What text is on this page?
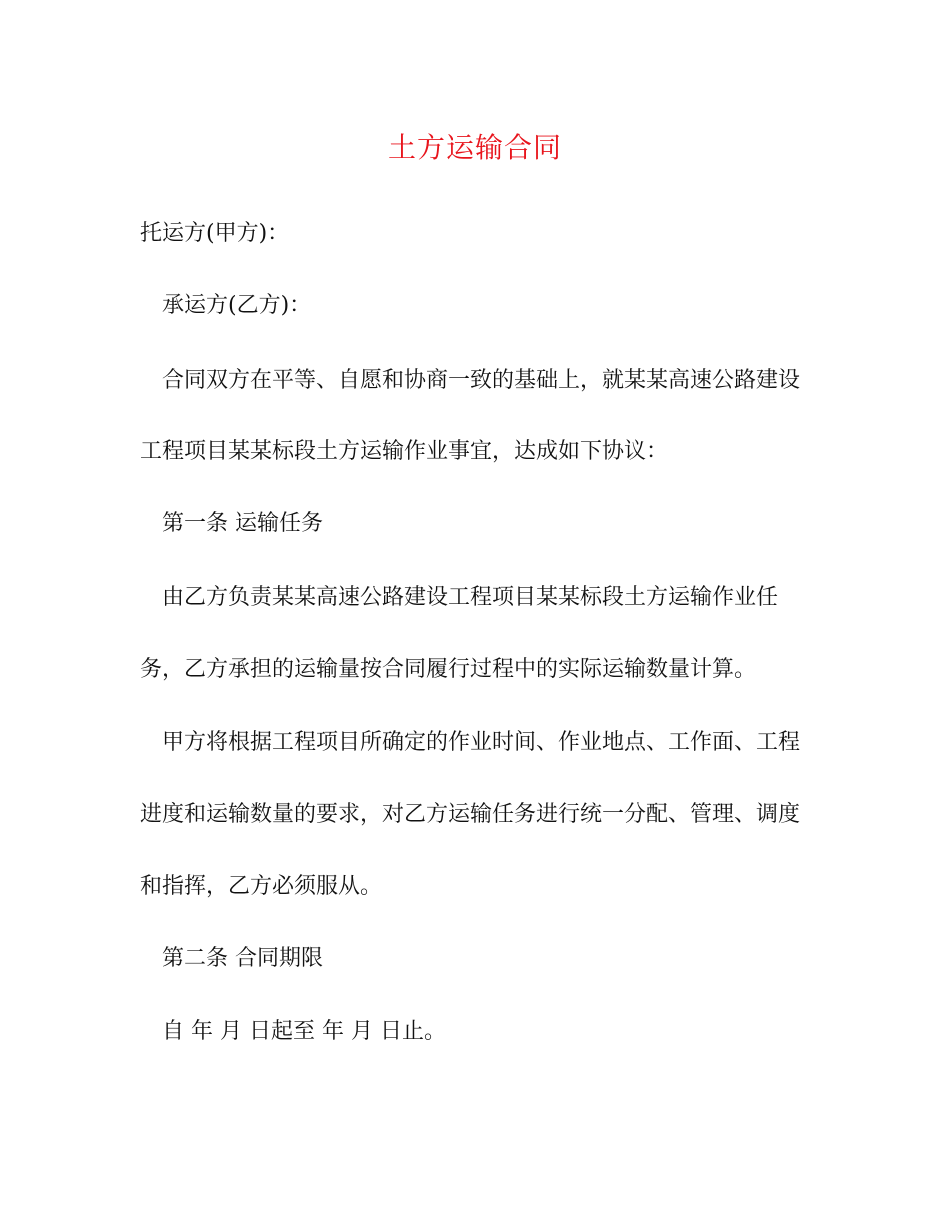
土方运输合同
托运方(甲方)：
承运方(乙方)：
合同双方在平等、自愿和协商一致的基础上，就某某高速公路建设
工程项目某某标段土方运输作业事宜，达成如下协议：
第一条 运输任务
由乙方负责某某高速公路建设工程项目某某标段土方运输作业任
务，乙方承担的运输量按合同履行过程中的实际运输数量计算。
甲方将根据工程项目所确定的作业时间、作业地点、工作面、工程
进度和运输数量的要求，对乙方运输任务进行统一分配、管理、调度
和指挥，乙方必须服从。
第二条 合同期限
自 年 月 日起至 年 月 日止。
